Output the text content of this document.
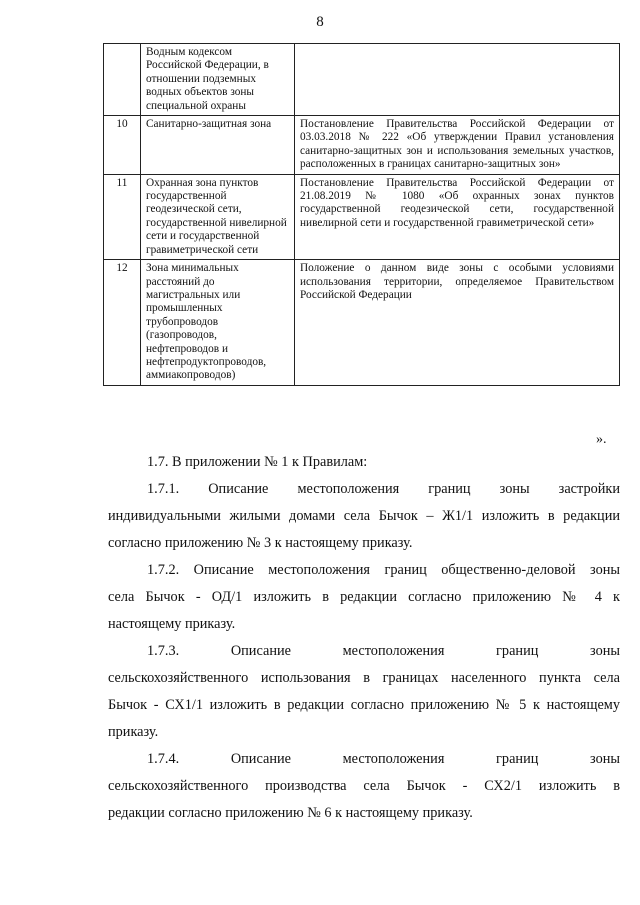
8
	Водным кодексом Российской Федерации, в отношении подземных водных объектов зоны специальной охраны	
10	Санитарно-защитная зона	Постановление Правительства Российской Федерации от 03.03.2018 № 222 «Об утверждении Правил установления санитарно-защитных зон и использования земельных участков, расположенных в границах санитарно-защитных зон»
11	Охранная зона пунктов государственной геодезической сети, государственной нивелирной сети и государственной гравиметрической сети	Постановление Правительства Российской Федерации от 21.08.2019 № 1080 «Об охранных зонах пунктов государственной геодезической сети, государственной нивелирной сети и государственной гравиметрической сети»
12	Зона минимальных расстояний до магистральных или промышленных трубопроводов (газопроводов, нефтепроводов и нефтепродуктопроводов, аммиакопроводов)	Положение о данном виде зоны с особыми условиями использования территории, определяемое Правительством Российской Федерации
».

1.7. В приложении № 1 к Правилам:

1.7.1. Описание местоположения границ зоны застройки
индивидуальными жилыми домами села Бычок – Ж1/1 изложить в редакции
согласно приложению № 3 к настоящему приказу.

1.7.2. Описание местоположения границ общественно-деловой зоны
села Бычок - ОД/1 изложить в редакции согласно приложению № 4 к
настоящему приказу.

1.7.3. Описание местоположения границ зоны
сельскохозяйственного использования в границах населенного пункта села
Бычок - СХ1/1 изложить в редакции согласно приложению № 5 к настоящему
приказу.

1.7.4. Описание местоположения границ зоны
сельскохозяйственного производства села Бычок - СХ2/1 изложить в
редакции согласно приложению № 6 к настоящему приказу.
